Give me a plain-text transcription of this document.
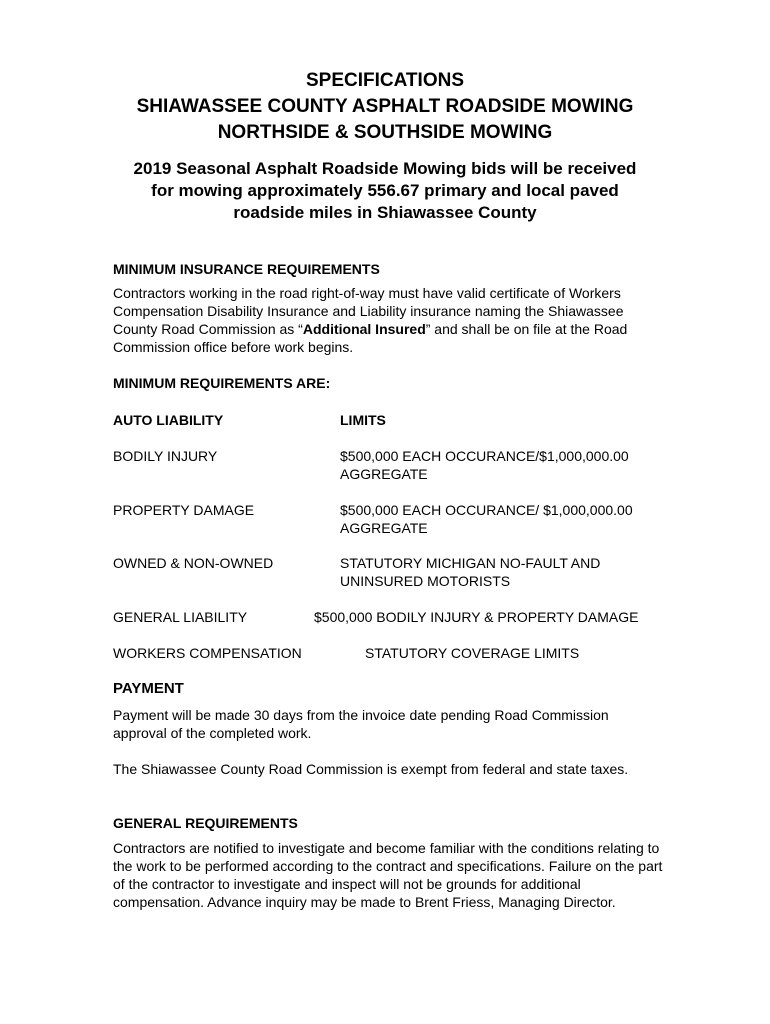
SPECIFICATIONS
SHIAWASSEE COUNTY ASPHALT ROADSIDE MOWING
NORTHSIDE & SOUTHSIDE MOWING
2019 Seasonal Asphalt Roadside Mowing bids will be received
for mowing approximately 556.67 primary and local paved
roadside miles in Shiawassee County
MINIMUM INSURANCE REQUIREMENTS
Contractors working in the road right-of-way must have valid certificate of Workers Compensation Disability Insurance and Liability insurance naming the Shiawassee County Road Commission as “Additional Insured” and shall be on file at the Road Commission office before work begins.
MINIMUM REQUIREMENTS ARE:
AUTO LIABILITY	LIMITS
BODILY INJURY	$500,000 EACH OCCURANCE/$1,000,000.00 AGGREGATE
PROPERTY DAMAGE	$500,000 EACH OCCURANCE/ $1,000,000.00 AGGREGATE
OWNED & NON-OWNED	STATUTORY MICHIGAN NO-FAULT AND UNINSURED MOTORISTS
GENERAL LIABILITY	$500,000 BODILY INJURY & PROPERTY DAMAGE
WORKERS COMPENSATION	STATUTORY COVERAGE LIMITS
PAYMENT
Payment will be made 30 days from the invoice date pending Road Commission approval of the completed work.
The Shiawassee County Road Commission is exempt from federal and state taxes.
GENERAL REQUIREMENTS
Contractors are notified to investigate and become familiar with the conditions relating to the work to be performed according to the contract and specifications. Failure on the part of the contractor to investigate and inspect will not be grounds for additional compensation. Advance inquiry may be made to Brent Friess, Managing Director.
